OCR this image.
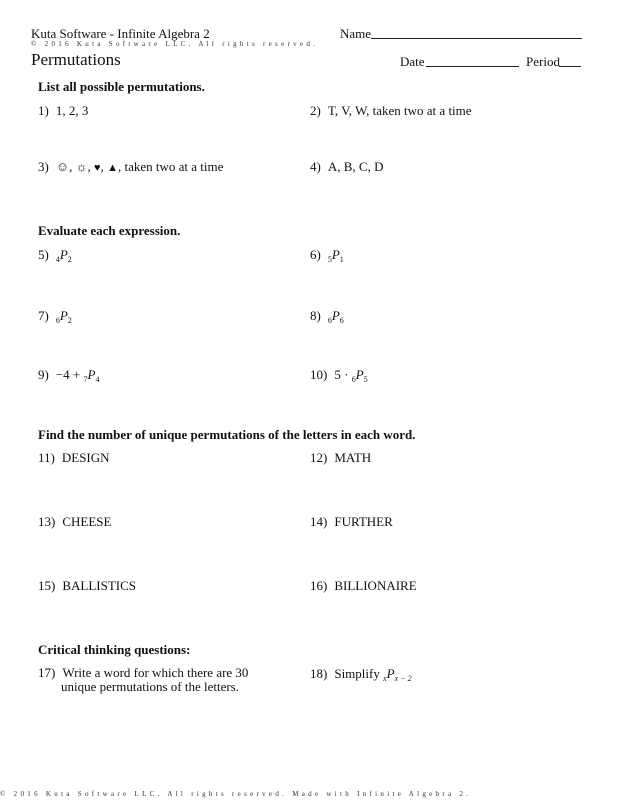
Kuta Software - Infinite Algebra 2	Name
© 2016 Kuta Software LLC. All rights reserved.
Permutations	Date	Period
List all possible permutations.
1) 1, 2, 3	2) T, V, W, taken two at a time
3) ☺, ☼, ♥, ▲, taken two at a time	4) A, B, C, D
Evaluate each expression.
5) $_4P_2$	6) $_5P_1$
7) $_6P_2$	8) $_6P_6$
$9) -4 + _7P_4$	10) $5 \cdot _6P_5$
Find the number of unique permutations of the letters in each word.
11) DESIGN	12) MATH
13) CHEESE	14) FURTHER
15) BALLISTICS	16) BILLIONAIRE
Critical thinking questions:
17) Write a word for which there are 30
unique permutations of the letters.
18) Simplify $_xP_{x - 2}$
© 2016 Kuta Software LLC. All rights reserved. Made with Infinite Algebra 2.
